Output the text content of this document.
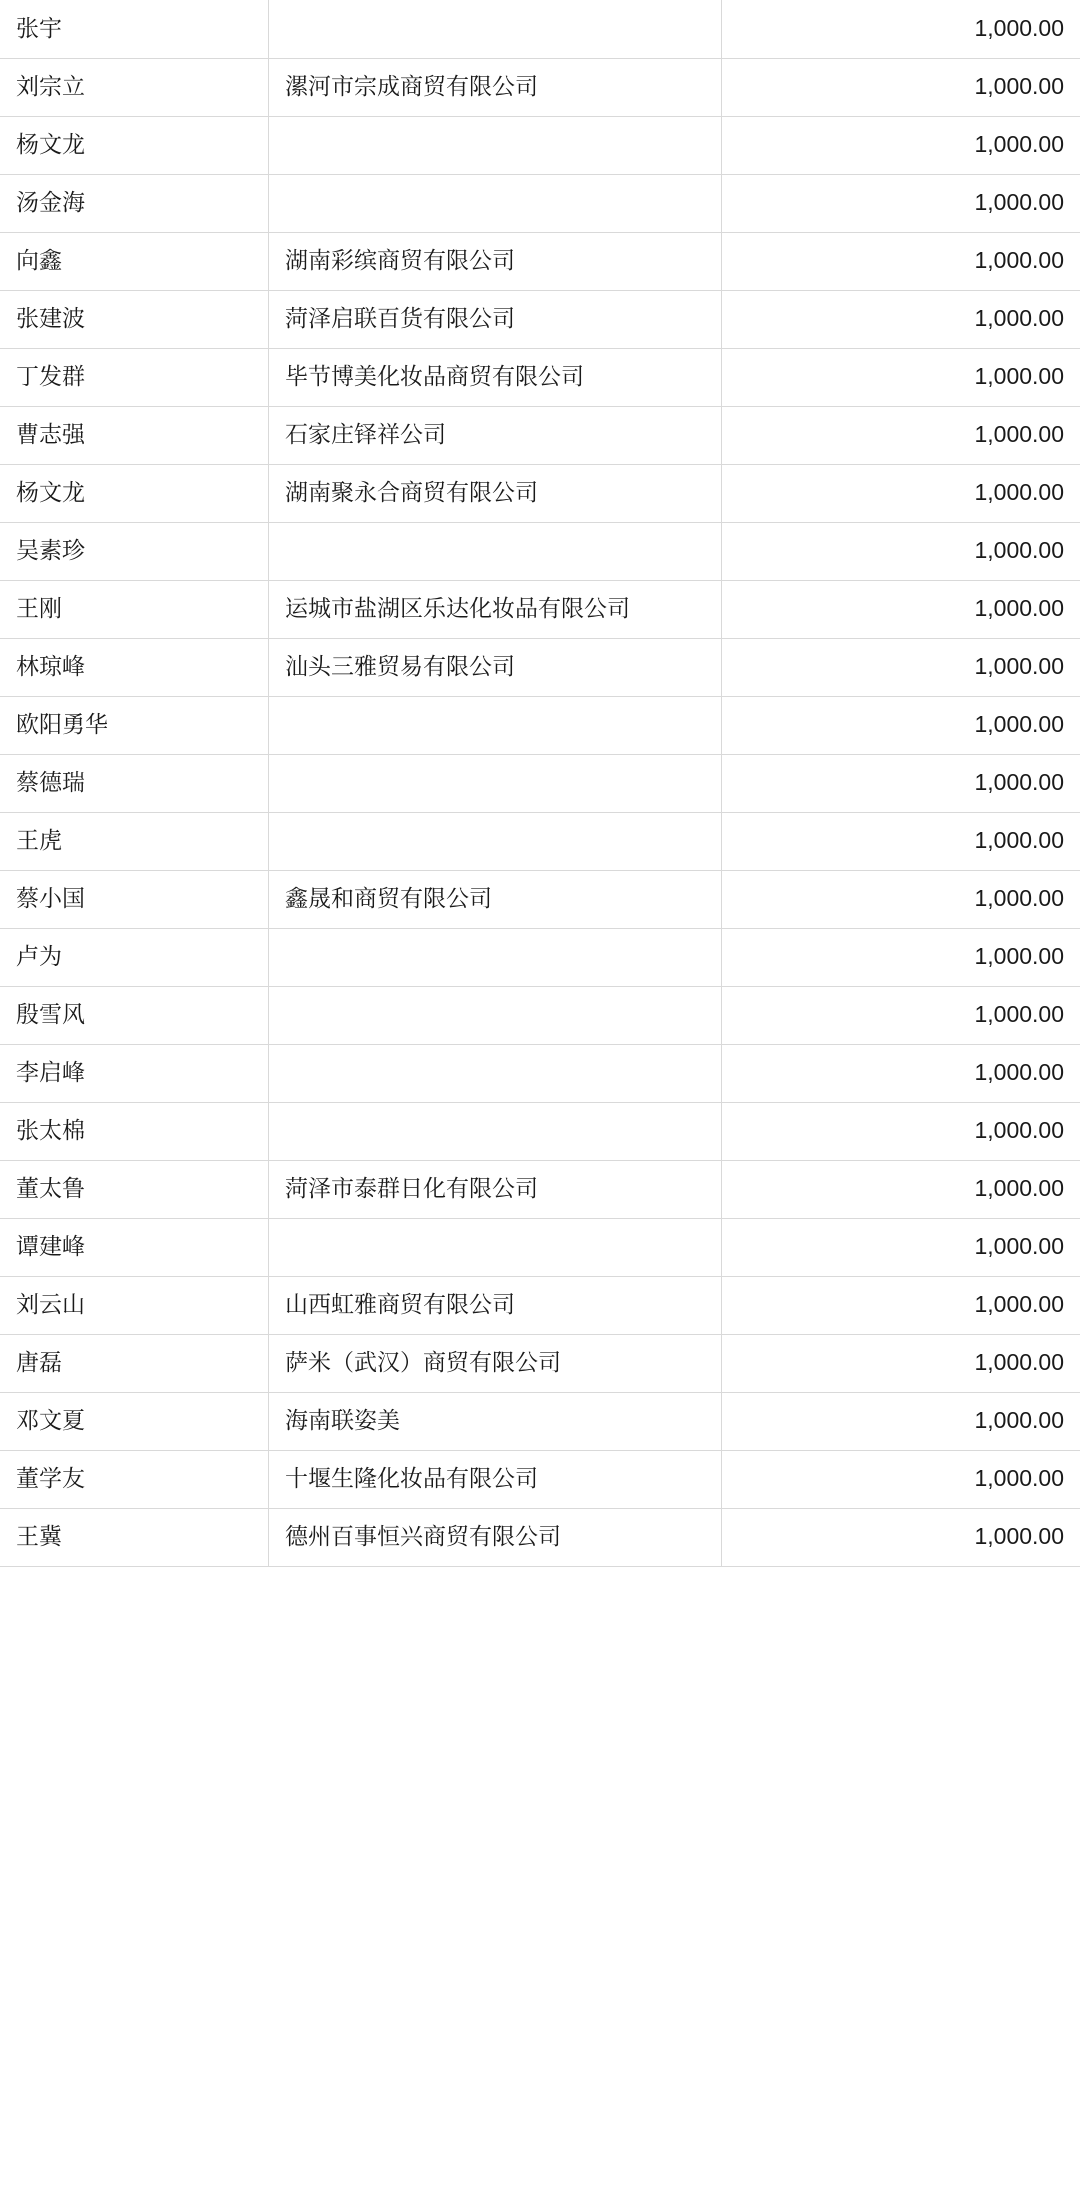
张宇		1,000.00
刘宗立	漯河市宗成商贸有限公司	1,000.00
杨文龙		1,000.00
汤金海		1,000.00
向鑫	湖南彩缤商贸有限公司	1,000.00
张建波	菏泽启联百货有限公司	1,000.00
丁发群	毕节博美化妆品商贸有限公司	1,000.00
曹志强	石家庄铎祥公司	1,000.00
杨文龙	湖南聚永合商贸有限公司	1,000.00
吴素珍		1,000.00
王刚	运城市盐湖区乐达化妆品有限公司	1,000.00
林琼峰	汕头三雅贸易有限公司	1,000.00
欧阳勇华		1,000.00
蔡德瑞		1,000.00
王虎		1,000.00
蔡小国	鑫晟和商贸有限公司	1,000.00
卢为		1,000.00
殷雪风		1,000.00
李启峰		1,000.00
张太棉		1,000.00
董太鲁	菏泽市泰群日化有限公司	1,000.00
谭建峰		1,000.00
刘云山	山西虹雅商贸有限公司	1,000.00
唐磊	萨米（武汉）商贸有限公司	1,000.00
邓文夏	海南联姿美	1,000.00
董学友	十堰生隆化妆品有限公司	1,000.00
王冀	德州百事恒兴商贸有限公司	1,000.00
